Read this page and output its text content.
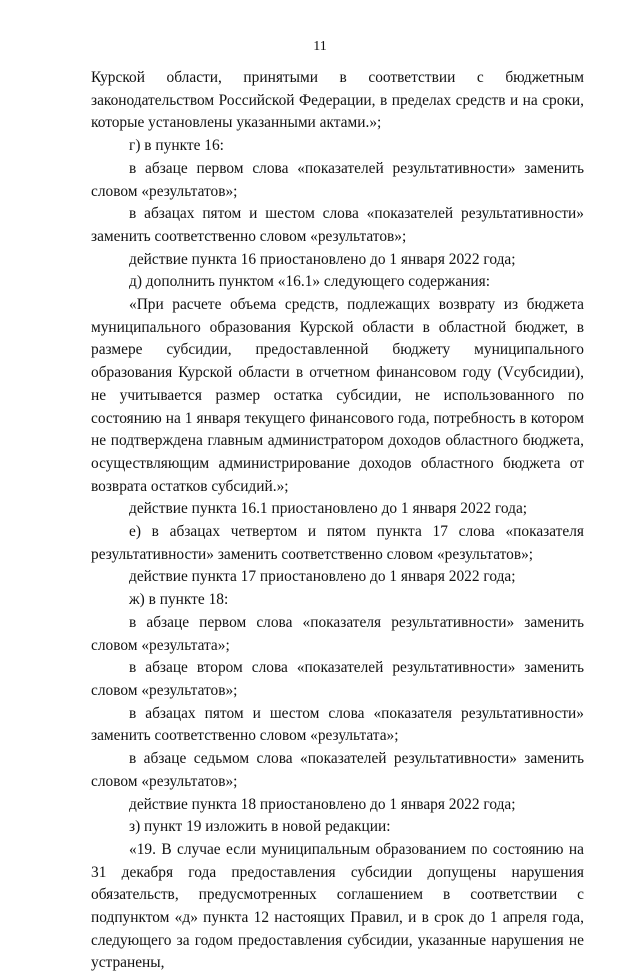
11

Курской области, принятыми в соответствии с бюджетным законодательством Российской Федерации, в пределах средств и на сроки, которые установлены указанными актами.»;

г) в пункте 16:

в абзаце первом слова «показателей результативности» заменить словом «результатов»;

в абзацах пятом и шестом слова «показателей результативности» заменить соответственно словом «результатов»;

действие пункта 16 приостановлено до 1 января 2022 года;

д) дополнить пунктом «16.1» следующего содержания:

«При расчете объема средств, подлежащих возврату из бюджета муниципального образования Курской области в областной бюджет, в размере субсидии, предоставленной бюджету муниципального образования Курской области в отчетном финансовом году (Vсубсидии), не учитывается размер остатка субсидии, не использованного по состоянию на 1 января текущего финансового года, потребность в котором не подтверждена главным администратором доходов областного бюджета, осуществляющим администрирование доходов областного бюджета от возврата остатков субсидий.»;

действие пункта 16.1 приостановлено до 1 января 2022 года;

е) в абзацах четвертом и пятом пункта 17 слова «показателя результативности» заменить соответственно словом «результатов»;

действие пункта 17 приостановлено до 1 января 2022 года;

ж) в пункте 18:

в абзаце первом слова «показателя результативности» заменить словом «результата»;

в абзаце втором слова «показателей результативности» заменить словом «результатов»;

в абзацах пятом и шестом слова «показателя результативности» заменить соответственно словом «результата»;

в абзаце седьмом слова «показателей результативности» заменить словом «результатов»;

действие пункта 18 приостановлено до 1 января 2022 года;

з) пункт 19 изложить в новой редакции:

«19. В случае если муниципальным образованием по состоянию на 31 декабря года предоставления субсидии допущены нарушения обязательств, предусмотренных соглашением в соответствии с подпунктом «д» пункта 12 настоящих Правил, и в срок до 1 апреля года, следующего за годом предоставления субсидии, указанные нарушения не устранены,
